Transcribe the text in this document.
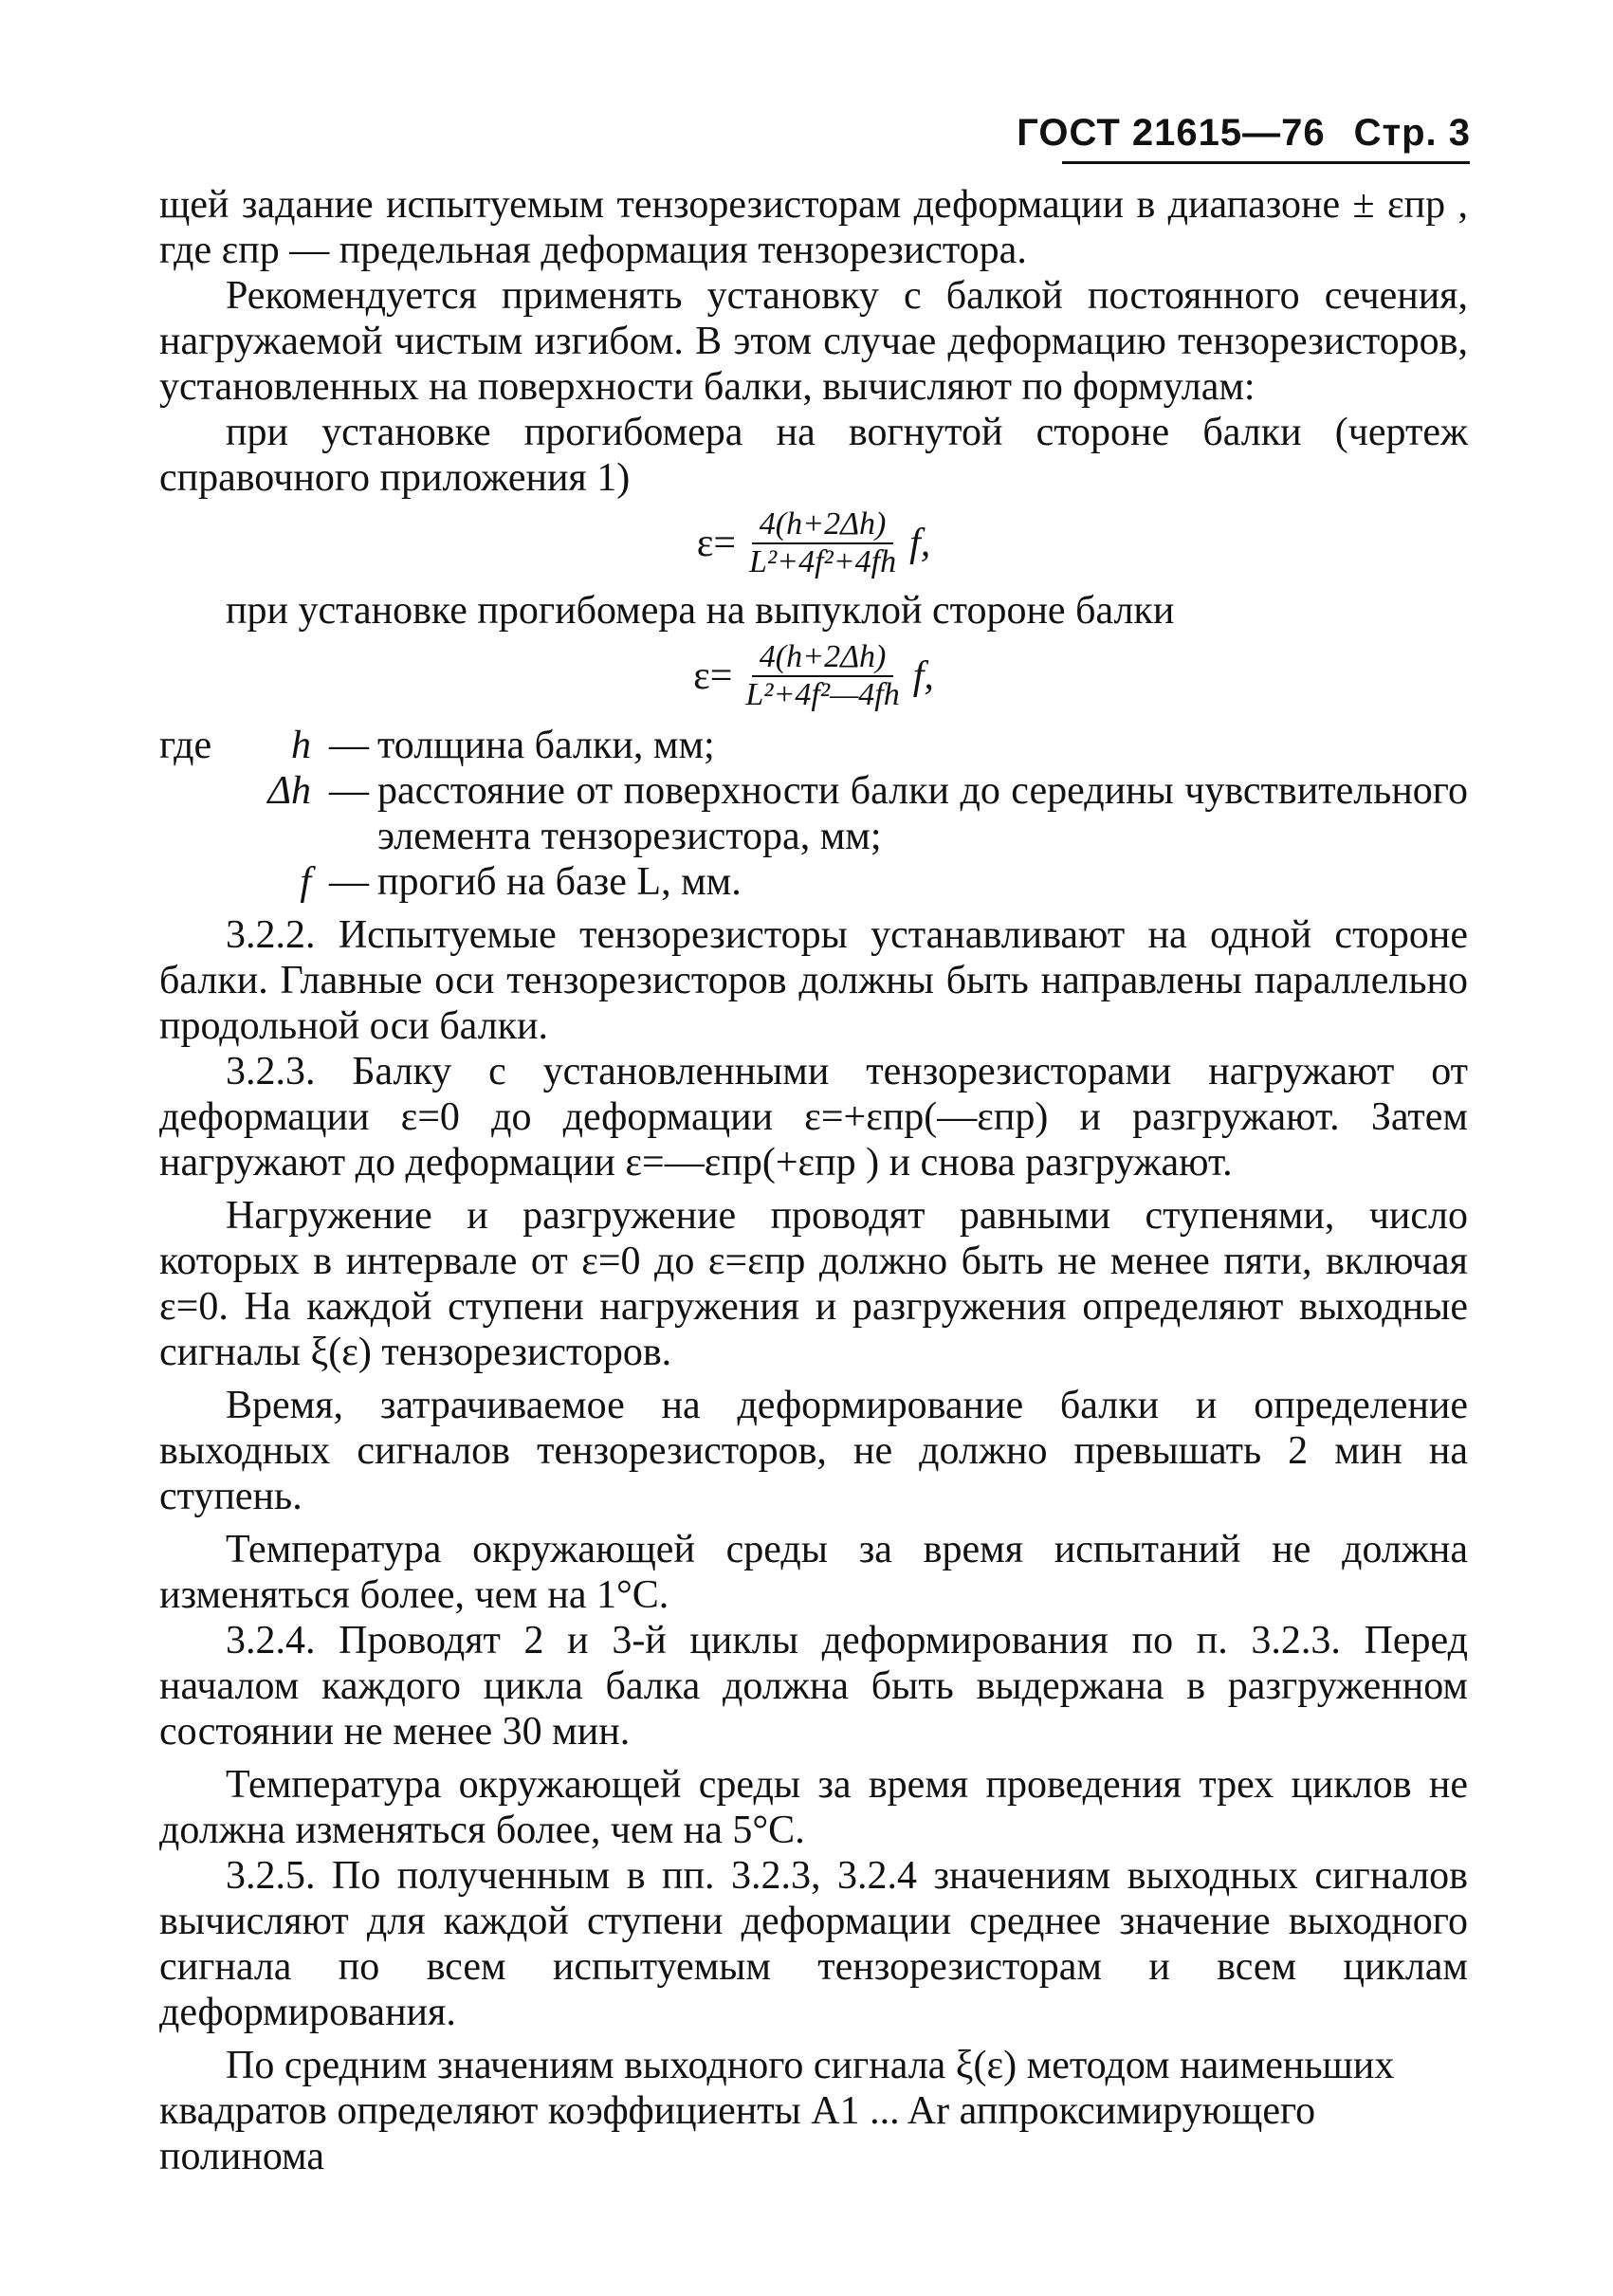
ГОСТ 21615—76 Стр. 3

щей задание испытуемым тензорезисторам деформации в диапазоне ± εпр , где εпр — предельная деформация тензорезистора.

Рекомендуется применять установку с балкой постоянного сечения, нагружаемой чистым изгибом. В этом случае деформацию тензорезисторов, установленных на поверхности балки, вычисляют по формулам:

при установке прогибомера на вогнутой стороне балки (чертеж справочного приложения 1)

$\varepsilon= \frac{4(h+2\Delta h)}{\text{L²+4f²+4fh}} f$,

при установке прогибомера на выпуклой стороне балки

$\varepsilon= \frac{4(h+2\Delta h)}{\text{L²+4f²—4fh}} f$,
где	h — толщина балки, мм;
Δh — расстояние от поверхности балки до середины чувствительного элемента тензорезистора, мм;
f — прогиб на базе L, мм.

3.2.2. Испытуемые тензорезисторы устанавливают на одной стороне балки. Главные оси тензорезисторов должны быть направлены параллельно продольной оси балки.

3.2.3. Балку с установленными тензорезисторами нагружают от деформации ε=0 до деформации ε=+εпр(—εпр) и разгружают. Затем нагружают до деформации ε=—εпр(+εпр ) и снова разгружают.

Нагружение и разгружение проводят равными ступенями, число которых в интервале от ε=0 до ε=εпр должно быть не менее пяти, включая ε=0. На каждой ступени нагружения и разгружения определяют выходные сигналы ξ(ε) тензорезисторов.

Время, затрачиваемое на деформирование балки и определение выходных сигналов тензорезисторов, не должно превышать 2 мин на ступень.

Температура окружающей среды за время испытаний не должна изменяться более, чем на 1°С.

3.2.4. Проводят 2 и 3-й циклы деформирования по п. 3.2.3. Перед началом каждого цикла балка должна быть выдержана в разгруженном состоянии не менее 30 мин.

Температура окружающей среды за время проведения трех циклов не должна изменяться более, чем на 5°С.

3.2.5. По полученным в пп. 3.2.3, 3.2.4 значениям выходных сигналов вычисляют для каждой ступени деформации среднее значение выходного сигнала по всем испытуемым тензорезисторам и всем циклам деформирования.

По средним значениям выходного сигнала ξ(ε) методом наименьших квадратов определяют коэффициенты A1 ... Ar аппроксимирующего полинома
